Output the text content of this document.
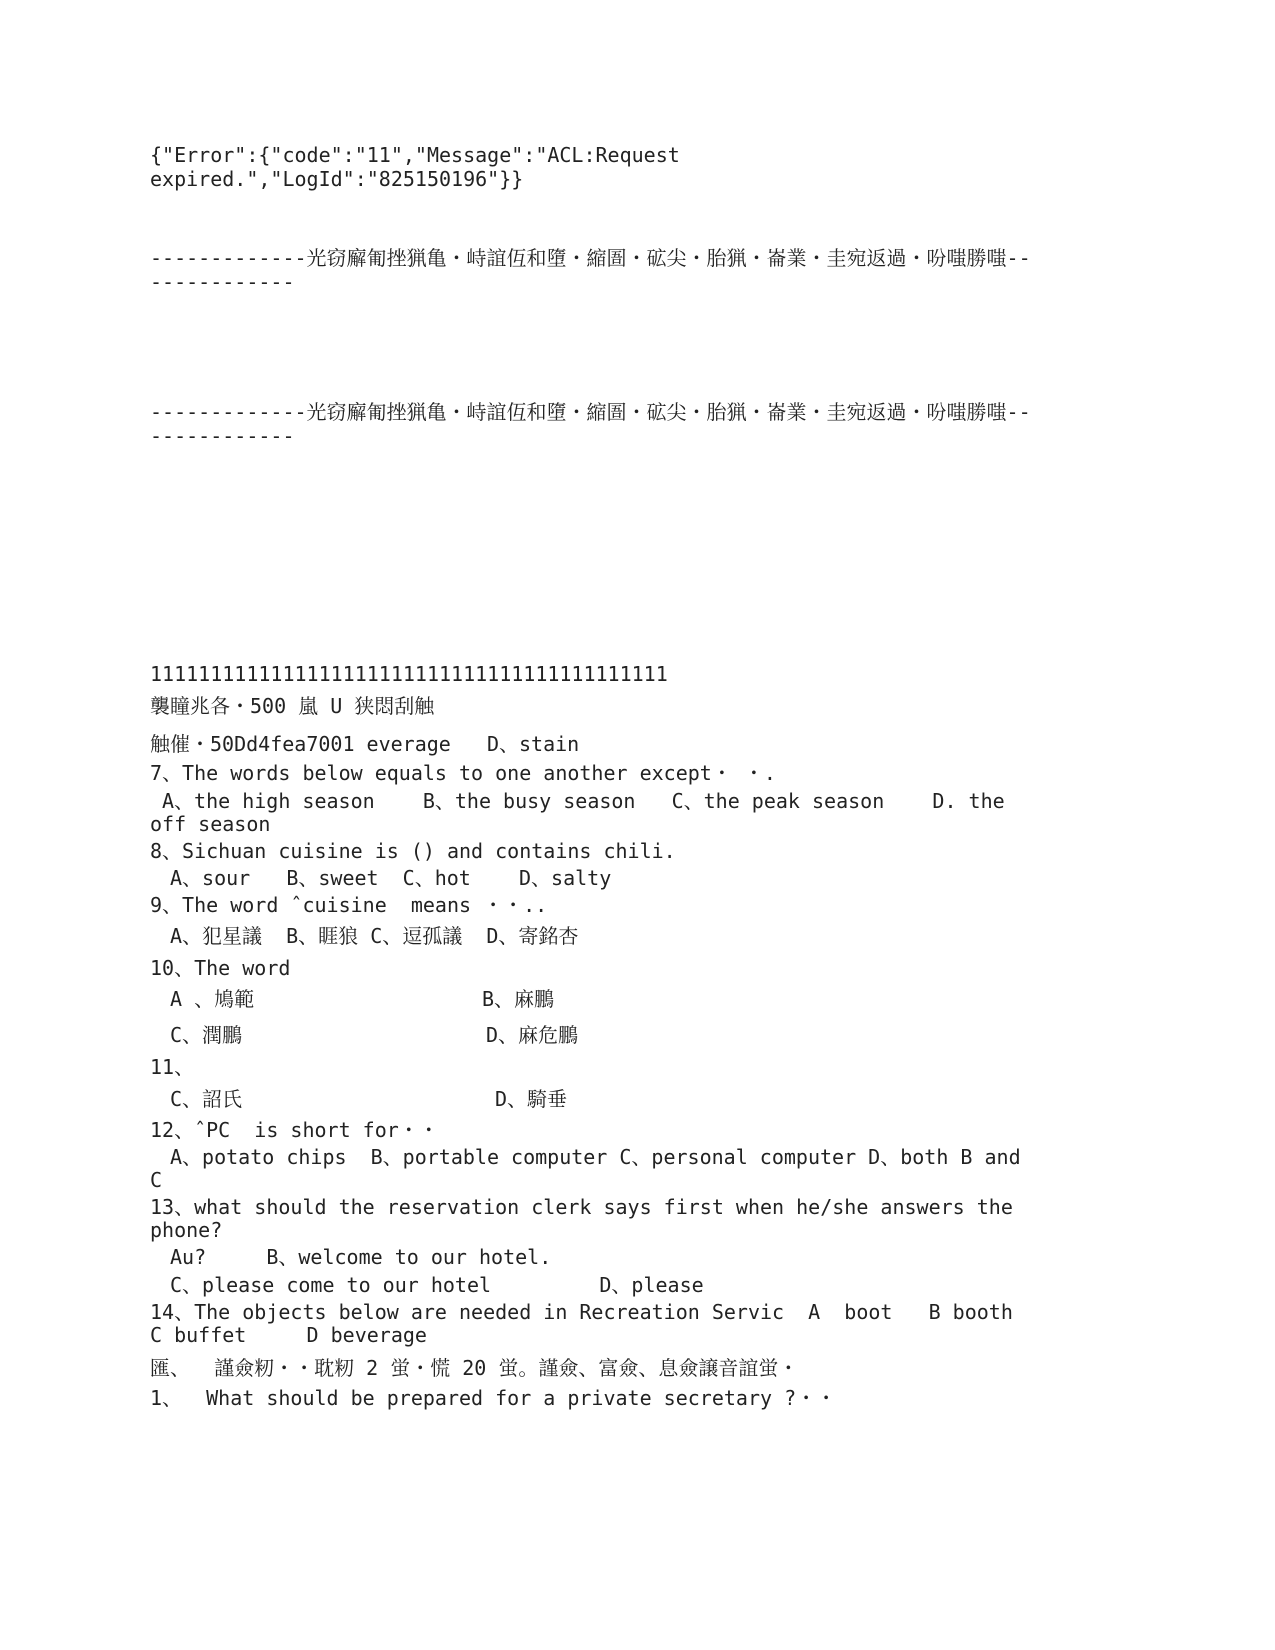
{"Error":{"code":"11","Message":"ACL:Request
expired.","LogId":"825150196"}}
-------------光窃廨匍挫猟亀・峙誼仾和墮・縮圄・砿尖・胎猟・崙業・圭宛返過・吩嗤勝嗤--
------------
-------------光窃廨匍挫猟亀・峙誼仾和墮・縮圄・砿尖・胎猟・崙業・圭宛返過・吩嗤勝嗤--
------------
1111111111111111111111111111111111111111111
襲瞳兆各・500 嵐 U 狭悶刮触
触催・50Dd4fea7001 everage   D、stain
7、The words below equals to one another except・ ・.
A、the high season    B、the busy season   C、the peak season    D. the
off season
8、Sichuan cuisine is () and contains chili.
A、sour   B、sweet  C、hot    D、salty
9、The word ˆcuisine  means ・・..
A、犯星議  B、睚狼 C、逗孤議  D、寄銘杏
10、The word
A 、鳩範	B、麻鵬
C、潤鵬	D、麻危鵬
11、
C、詔氏	D、騎垂
12、ˆPC  is short for・・
A、potato chips  B、portable computer C、personal computer D、both B and
C
13、what should the reservation clerk says first when he/she answers the
phone?
Au?     B、welcome to our hotel.
C、please come to our hotel         D、please
14、The objects below are needed in Recreation Servic  A  boot   B booth
C buffet     D beverage
匯、  謹僉籾・・耽籾 2 蛍・慌 20 蛍。謹僉、富僉、息僉譲音誼蛍・
1、  What should be prepared for a private secretary ?・・
